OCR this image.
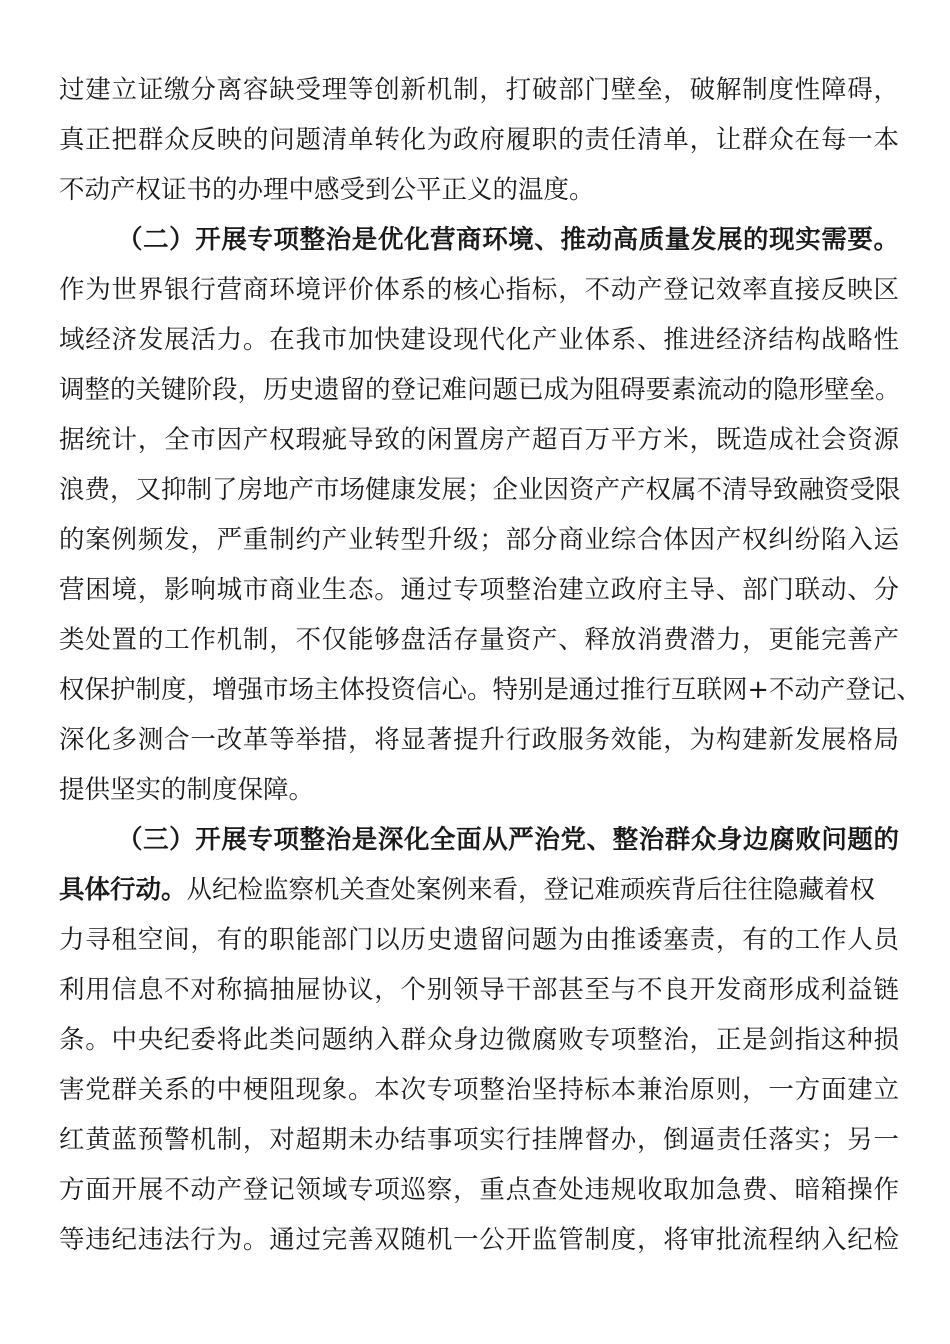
过建立证缴分离容缺受理等创新机制，打破部门壁垒，破解制度性障碍，
真正把群众反映的问题清单转化为政府履职的责任清单，让群众在每一本
不动产权证书的办理中感受到公平正义的温度。
（二）开展专项整治是优化营商环境、推动高质量发展的现实需要。
作为世界银行营商环境评价体系的核心指标，不动产登记效率直接反映区
域经济发展活力。在我市加快建设现代化产业体系、推进经济结构战略性
调整的关键阶段，历史遗留的登记难问题已成为阻碍要素流动的隐形壁垒。
据统计，全市因产权瑕疵导致的闲置房产超百万平方米，既造成社会资源
浪费，又抑制了房地产市场健康发展；企业因资产产权属不清导致融资受限
的案例频发，严重制约产业转型升级；部分商业综合体因产权纠纷陷入运
营困境，影响城市商业生态。通过专项整治建立政府主导、部门联动、分
类处置的工作机制，不仅能够盘活存量资产、释放消费潜力，更能完善产
权保护制度，增强市场主体投资信心。特别是通过推行互联网+不动产登记、
深化多测合一改革等举措，将显著提升行政服务效能，为构建新发展格局
提供坚实的制度保障。
（三）开展专项整治是深化全面从严治党、整治群众身边腐败问题的
具体行动。从纪检监察机关查处案例来看，登记难顽疾背后往往隐藏着权
力寻租空间，有的职能部门以历史遗留问题为由推诿塞责，有的工作人员
利用信息不对称搞抽屉协议，个别领导干部甚至与不良开发商形成利益链
条。中央纪委将此类问题纳入群众身边微腐败专项整治，正是剑指这种损
害党群关系的中梗阻现象。本次专项整治坚持标本兼治原则，一方面建立
红黄蓝预警机制，对超期未办结事项实行挂牌督办，倒逼责任落实；另一
方面开展不动产登记领域专项巡察，重点查处违规收取加急费、暗箱操作
等违纪违法行为。通过完善双随机一公开监管制度，将审批流程纳入纪检
